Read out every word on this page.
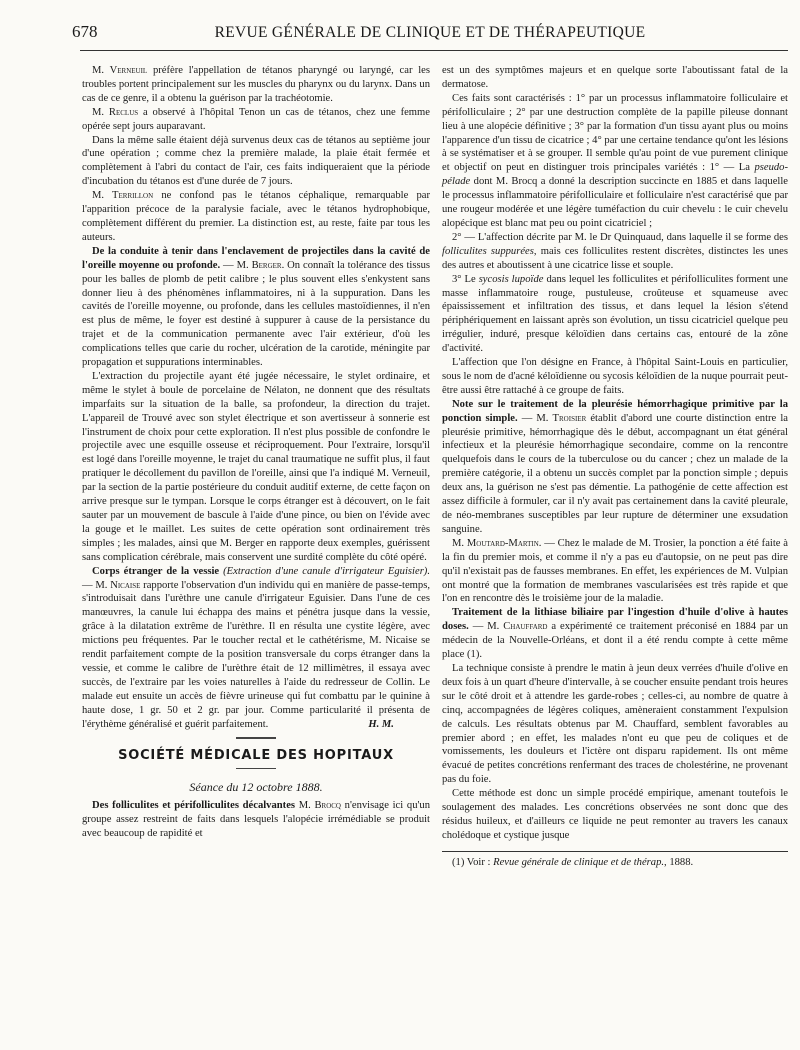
678	REVUE GÉNÉRALE DE CLINIQUE ET DE THÉRAPEUTIQUE

M. Verneuil préfère l'appellation de tétanos pharyngé ou laryngé, car les troubles portent principalement sur les muscles du pharynx ou du larynx. Dans un cas de ce genre, il a obtenu la guérison par la trachéotomie.

M. Reclus a observé à l'hôpital Tenon un cas de tétanos, chez une femme opérée sept jours auparavant.

Dans la même salle étaient déjà survenus deux cas de tétanos au septième jour d'une opération ; comme chez la première malade, la plaie était fermée et complètement à l'abri du contact de l'air, ces faits indiqueraient que la période d'incubation du tétanos est d'une durée de 7 jours.

M. Terrillon ne confond pas le tétanos céphalique, remarquable par l'apparition précoce de la paralysie faciale, avec le tétanos hydrophobique, complètement différent du premier. La distinction est, au reste, faite par tous les auteurs.

De la conduite à tenir dans l'enclavement de projectiles dans la cavité de l'oreille moyenne ou profonde. — M. Berger. On connaît la tolérance des tissus pour les balles de plomb de petit calibre ; le plus souvent elles s'enkystent sans donner lieu à des phénomènes inflammatoires, ni à la suppuration. Dans les cavités de l'oreille moyenne, ou profonde, dans les cellules mastoïdiennes, il n'en est plus de même, le foyer est destiné à suppurer à cause de la persistance du trajet et de la communication permanente avec l'air extérieur, d'où les complications telles que carie du rocher, ulcération de la carotide, méningite par propagation et suppurations interminables.

L'extraction du projectile ayant été jugée nécessaire, le stylet ordinaire, et même le stylet à boule de porcelaine de Nélaton, ne donnent que des résultats imparfaits sur la situation de la balle, sa profondeur, la direction du trajet. L'appareil de Trouvé avec son stylet électrique et son avertisseur à sonnerie est l'instrument de choix pour cette exploration. Il n'est plus possible de confondre le projectile avec une esquille osseuse et réciproquement. Pour l'extraire, lorsqu'il est logé dans l'oreille moyenne, le trajet du canal traumatique ne suffit plus, il faut pratiquer le décollement du pavillon de l'oreille, ainsi que l'a indiqué M. Verneuil, par la section de la partie postérieure du conduit auditif externe, de cette façon on arrive presque sur le tympan. Lorsque le corps étranger est à découvert, on le fait sauter par un mouvement de bascule à l'aide d'une pince, ou bien on l'évide avec la gouge et le maillet. Les suites de cette opération sont ordinairement très simples ; les malades, ainsi que M. Berger en rapporte deux exemples, guérissent sans complication cérébrale, mais conservent une surdité complète du côté opéré.

Corps étranger de la vessie (Extraction d'une canule d'irrigateur Eguisier). — M. Nicaise rapporte l'observation d'un individu qui en manière de passe-temps, s'introduisait dans l'urèthre une canule d'irrigateur Eguisier. Dans l'une de ces manœuvres, la canule lui échappa des mains et pénétra jusque dans la vessie, grâce à la dilatation extrême de l'urèthre. Il en résulta une cystite légère, avec mictions peu fréquentes. Par le toucher rectal et le cathétérisme, M. Nicaise se rendit parfaitement compte de la position transversale du corps étranger dans la vessie, et comme le calibre de l'urèthre était de 12 millimètres, il essaya avec succès, de l'extraire par les voies naturelles à l'aide du redresseur de Collin. Le malade eut ensuite un accès de fièvre urineuse qui fut combattu par le quinine à haute dose, 1 gr. 50 et 2 gr. par jour. Comme particularité il présenta de l'érythème généralisé et guérit parfaitement.	H. M.

SOCIÉTÉ MÉDICALE DES HOPITAUX
Séance du 12 octobre 1888.

Des folliculites et périfolliculites décalvantes M. Brocq n'envisage ici qu'un groupe assez restreint de faits dans lesquels l'alopécie irrémédiable se produit avec beaucoup de rapidité et

est un des symptômes majeurs et en quelque sorte l'aboutissant fatal de la dermatose.

Ces faits sont caractérisés : 1° par un processus inflammatoire folliculaire et périfolliculaire ; 2° par une destruction complète de la papille pileuse donnant lieu à une alopécie définitive ; 3° par la formation d'un tissu ayant plus ou moins l'apparence d'un tissu de cicatrice ; 4° par une certaine tendance qu'ont les lésions à se systématiser et à se grouper. Il semble qu'au point de vue purement clinique et objectif on peut en distinguer trois principales variétés : 1° — La pseudo-pélade dont M. Brocq a donné la description succincte en 1885 et dans laquelle le processus inflammatoire périfolliculaire et folliculaire n'est caractérisé que par une rougeur modérée et une légère tuméfaction du cuir chevelu : le cuir chevelu alopécique est blanc mat peu ou point cicatriciel ;

2° — L'affection décrite par M. le Dr Quinquaud, dans laquelle il se forme des folliculites suppurées, mais ces folliculites restent discrètes, distinctes les unes des autres et aboutissent à une cicatrice lisse et souple.

3° Le sycosis lupoïde dans lequel les folliculites et périfolliculites forment une masse inflammatoire rouge, pustuleuse, croûteuse et squameuse avec épaississement et infiltration des tissus, et dans lequel la lésion s'étend périphériquement en laissant après son évolution, un tissu cicatriciel quelque peu irrégulier, induré, presque kéloïdien dans certains cas, entouré de la zône d'activité.

L'affection que l'on désigne en France, à l'hôpital Saint-Louis en particulier, sous le nom de d'acné kéloïdienne ou sycosis kéloïdien de la nuque pourrait peut-être aussi être rattaché à ce groupe de faits.

Note sur le traitement de la pleurésie hémorrhagique primitive par la ponction simple. — M. Troisier établit d'abord une courte distinction entre la pleurésie primitive, hémorrhagique dès le début, accompagnant un état général infectieux et la pleurésie hémorrhagique secondaire, comme on la rencontre quelquefois dans le cours de la tuberculose ou du cancer ; chez un malade de la première catégorie, il a obtenu un succès complet par la ponction simple ; depuis deux ans, la guérison ne s'est pas démentie. La pathogénie de cette affection est assez difficile à formuler, car il n'y avait pas certainement dans la cavité pleurale, de néo-membranes susceptibles par leur rupture de déterminer une exsudation sanguine.

M. Moutard-Martin. — Chez le malade de M. Trosier, la ponction a été faite à la fin du premier mois, et comme il n'y a pas eu d'autopsie, on ne peut pas dire qu'il n'existait pas de fausses membranes. En effet, les expériences de M. Vulpian ont montré que la formation de membranes vascularisées est très rapide et que l'on en rencontre dès le troisième jour de la maladie.

Traitement de la lithiase biliaire par l'ingestion d'huile d'olive à hautes doses. — M. Chauffard a expérimenté ce traitement préconisé en 1884 par un médecin de la Nouvelle-Orléans, et dont il a été rendu compte à cette même place (1).

La technique consiste à prendre le matin à jeun deux verrées d'huile d'olive en deux fois à un quart d'heure d'intervalle, à se coucher ensuite pendant trois heures sur le côté droit et à attendre les garde-robes ; celles-ci, au nombre de quatre à cinq, accompagnées de légères coliques, amèneraient constamment l'expulsion de calculs. Les résultats obtenus par M. Chauffard, semblent favorables au premier abord ; en effet, les malades n'ont eu que peu de coliques et de vomissements, les douleurs et l'ictère ont disparu rapidement. Ils ont même évacué de petites concrétions renfermant des traces de cholestérine, ne provenant pas du foie.

Cette méthode est donc un simple procédé empirique, amenant toutefois le soulagement des malades. Les concrétions observées ne sont donc que des résidus huileux, et d'ailleurs ce liquide ne peut remonter au travers les canaux cholédoque et cystique jusque

(1) Voir : Revue générale de clinique et de thérap., 1888.
